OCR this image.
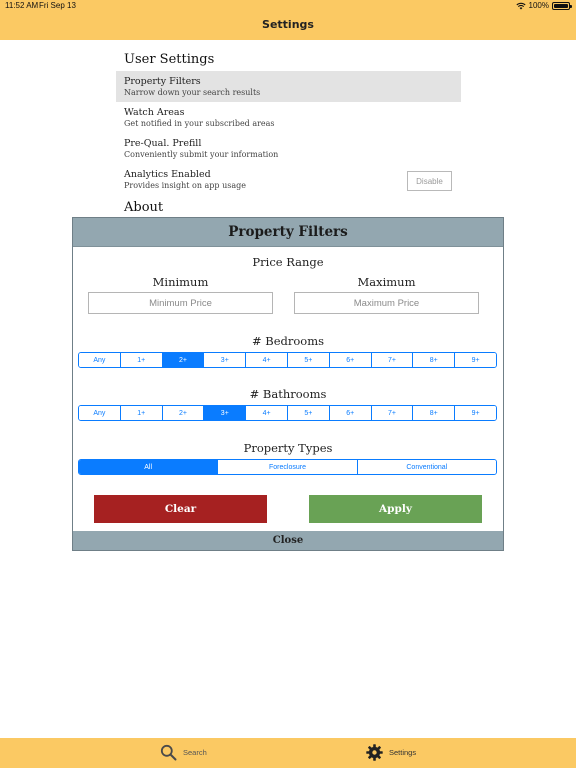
11:52 AM Fri Sep 13	100%
Settings
User Settings
Property Filters
Narrow down your search results
Watch Areas
Get notified in your subscribed areas
Pre-Qual. Prefill
Conveniently submit your information
Analytics Enabled
Provides insight on app usage	Disable
About
Property Filters
Price Range
Minimum	Maximum
Minimum Price
Maximum Price
# Bedrooms
Any	1+	2+	3+	4+	5+	6+	7+	8+	9+
# Bathrooms
Any	1+	2+	3+	4+	5+	6+	7+	8+	9+
Property Types
All	Foreclosure	Conventional
Clear	Apply
Close
Search	Settings
